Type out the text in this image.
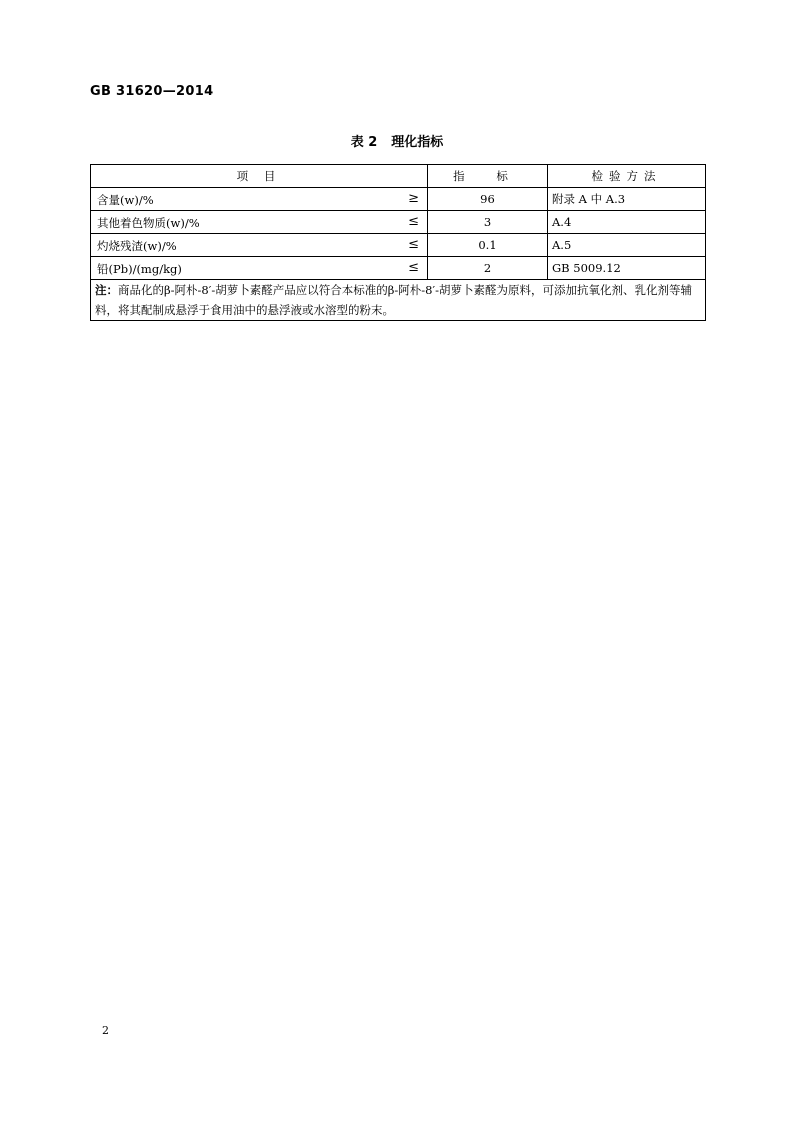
GB 31620—2014
表 2 理化指标
项 目	指 标	检验方法

含量(w)/% ≥	96	附录 A 中 A.3

其他着色物质(w)/% ≤	3	A.4

灼烧残渣(w)/% ≤	0.1	A.5

铅(Pb)/(mg/kg) ≤	2	GB 5009.12
注：商品化的β-阿朴-8′-胡萝卜素醛产品应以符合本标准的β-阿朴-8′-胡萝卜素醛为原料，可添加抗氧化剂、乳化剂等辅料，将其配制成悬浮于食用油中的悬浮液或水溶型的粉末。		
2
